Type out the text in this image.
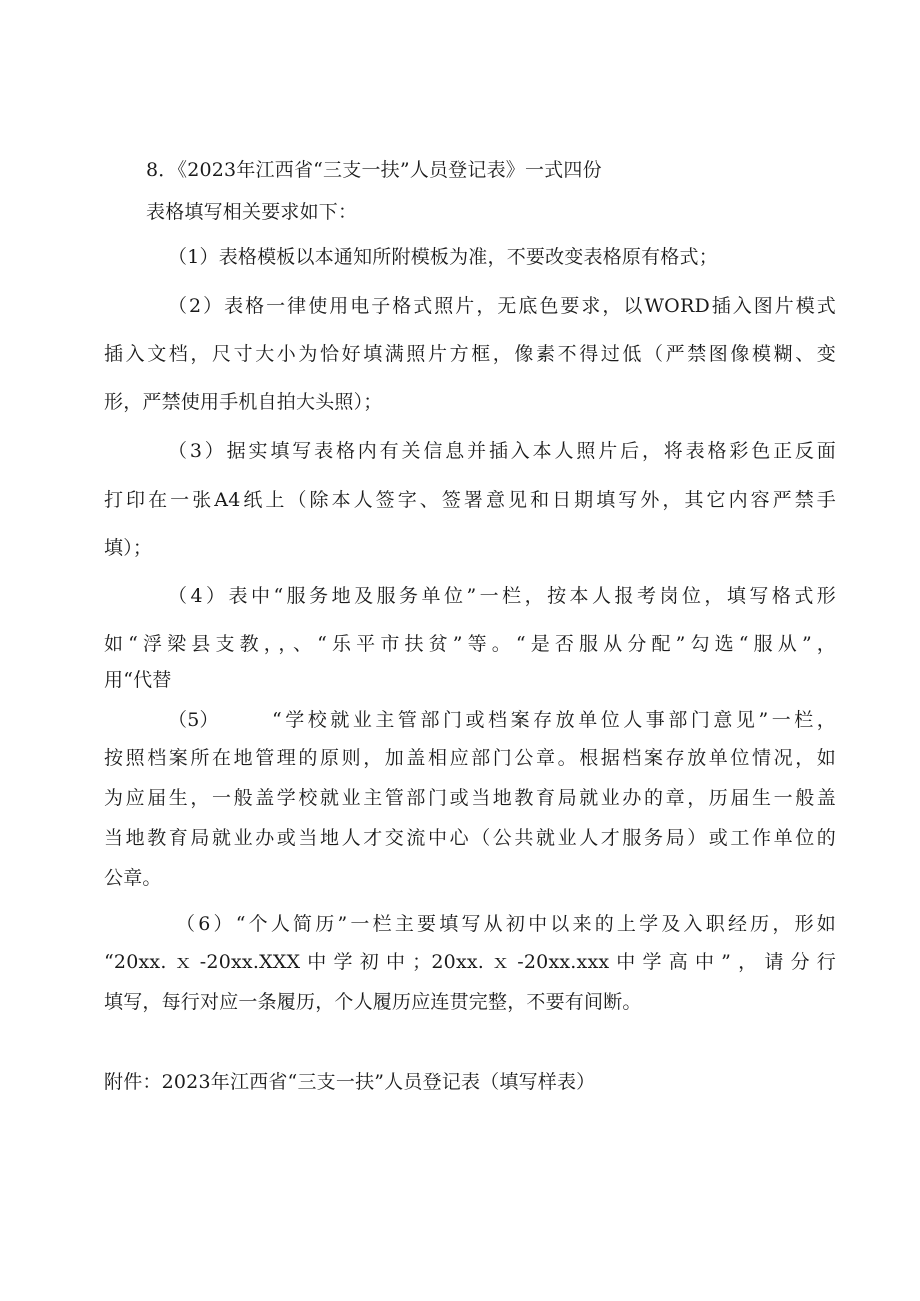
8．《2023年江西省“三支一扶”人员登记表》一式四份
表格填写相关要求如下：
（1）表格模板以本通知所附模板为准，不要改变表格原有格式；
（2）表格一律使用电子格式照片，无底色要求，以WORD插入图片模式
插入文档，尺寸大小为恰好填满照片方框，像素不得过低（严禁图像模糊、变
形，严禁使用手机自拍大头照）；
（3）据实填写表格内有关信息并插入本人照片后，将表格彩色正反面
打印在一张A4纸上（除本人签字、签署意见和日期填写外，其它内容严禁手
填）；
（4）表中“服务地及服务单位”一栏，按本人报考岗位，填写格式形
如“浮梁县支教，，、“乐平市扶贫”等。“是否服从分配”勾选“服从”，
用“代替
（5）	“学校就业主管部门或档案存放单位人事部门意见”一栏，
按照档案所在地管理的原则，加盖相应部门公章。根据档案存放单位情况，如
为应届生，一般盖学校就业主管部门或当地教育局就业办的章，历届生一般盖
当地教育局就业办或当地人才交流中心（公共就业人才服务局）或工作单位的
公章。
（6）“个人简历”一栏主要填写从初中以来的上学及入职经历，形如
“20xx.ｘ-20xx.XXX中学初中；20xx.ｘ-20xx.xxx中学高中”，请分行
填写，每行对应一条履历，个人履历应连贯完整，不要有间断。
附件：2023年江西省“三支一扶”人员登记表（填写样表）
